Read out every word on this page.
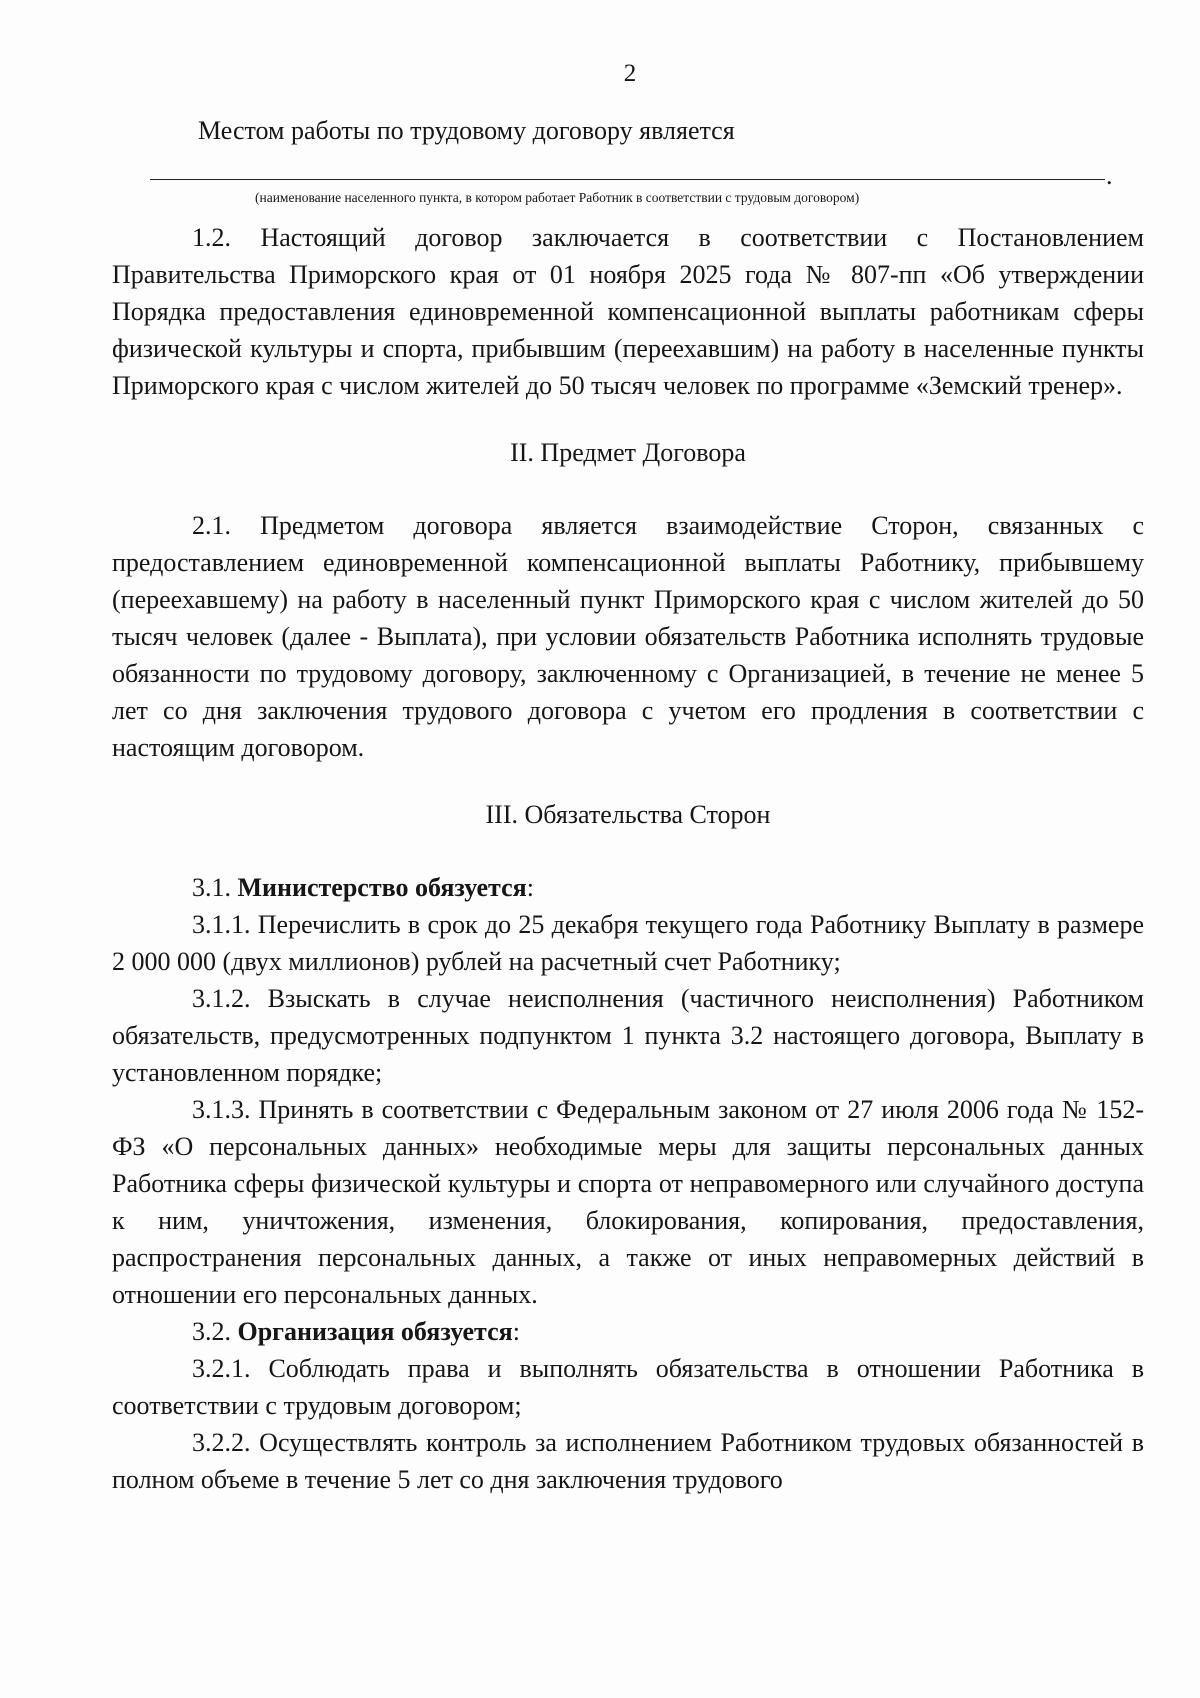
2

Местом работы по трудовому договору является

.

(наименование населенного пункта, в котором работает Работник в соответствии с трудовым договором)

1.2. Настоящий договор заключается в соответствии с Постановлением Правительства Приморского края от 01 ноября 2025 года № 807-пп «Об утверждении Порядка предоставления единовременной компенсационной выплаты работникам сферы физической культуры и спорта, прибывшим (переехавшим) на работу в населенные пункты Приморского края с числом жителей до 50 тысяч человек по программе «Земский тренер».

II. Предмет Договора

2.1. Предметом договора является взаимодействие Сторон, связанных с предоставлением единовременной компенсационной выплаты Работнику, прибывшему (переехавшему) на работу в населенный пункт Приморского края с числом жителей до 50 тысяч человек (далее - Выплата), при условии обязательств Работника исполнять трудовые обязанности по трудовому договору, заключенному с Организацией, в течение не менее 5 лет со дня заключения трудового договора с учетом его продления в соответствии с настоящим договором.

III. Обязательства Сторон

3.1. Министерство обязуется:

3.1.1. Перечислить в срок до 25 декабря текущего года Работнику Выплату в размере 2 000 000 (двух миллионов) рублей на расчетный счет Работнику;

3.1.2. Взыскать в случае неисполнения (частичного неисполнения) Работником обязательств, предусмотренных подпунктом 1 пункта 3.2 настоящего договора, Выплату в установленном порядке;

3.1.3. Принять в соответствии с Федеральным законом от 27 июля 2006 года № 152-ФЗ «О персональных данных» необходимые меры для защиты персональных данных Работника сферы физической культуры и спорта от неправомерного или случайного доступа к ним, уничтожения, изменения, блокирования, копирования, предоставления, распространения персональных данных, а также от иных неправомерных действий в отношении его персональных данных.

3.2. Организация обязуется:

3.2.1. Соблюдать права и выполнять обязательства в отношении Работника в соответствии с трудовым договором;

3.2.2. Осуществлять контроль за исполнением Работником трудовых обязанностей в полном объеме в течение 5 лет со дня заключения трудового
